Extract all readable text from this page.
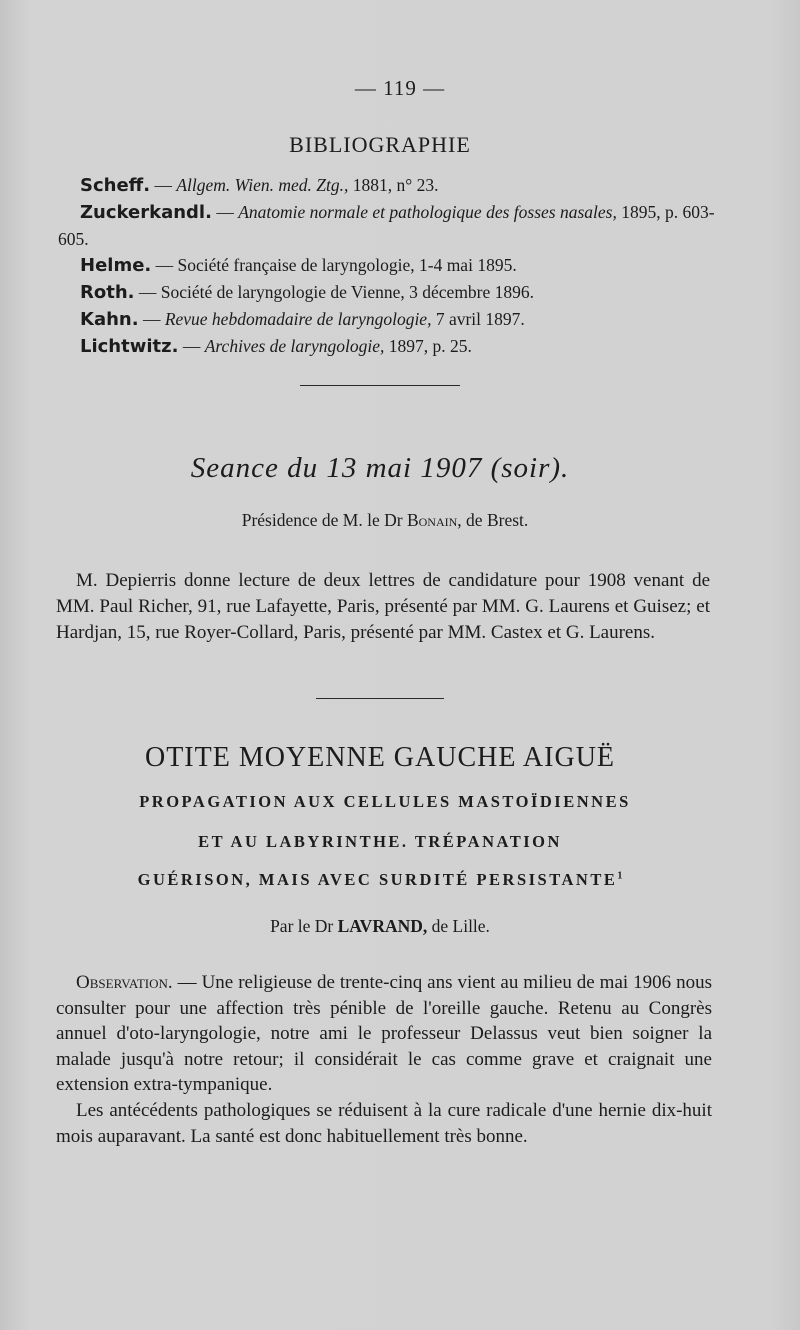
— 119 —
BIBLIOGRAPHIE

Scheff. — Allgem. Wien. med. Ztg., 1881, n° 23.

Zuckerkandl. — Anatomie normale et pathologique des fosses nasales, 1895, p. 603-605.

Helme. — Société française de laryngologie, 1-4 mai 1895.

Roth. — Société de laryngologie de Vienne, 3 décembre 1896.

Kahn. — Revue hebdomadaire de laryngologie, 7 avril 1897.

Lichtwitz. — Archives de laryngologie, 1897, p. 25.

Seance du 13 mai 1907 (soir).
Présidence de M. le Dr Bonain, de Brest.

M. Depierris donne lecture de deux lettres de candidature pour 1908 venant de MM. Paul Richer, 91, rue Lafayette, Paris, présenté par MM. G. Laurens et Guisez; et Hardjan, 15, rue Royer-Collard, Paris, présenté par MM. Castex et G. Laurens.

OTITE MOYENNE GAUCHE AIGUË
PROPAGATION AUX CELLULES MASTOÏDIENNES
ET AU LABYRINTHE. TRÉPANATION
GUÉRISON, MAIS AVEC SURDITÉ PERSISTANTE$^1$
Par le Dr LAVRAND, de Lille.

Observation. — Une religieuse de trente-cinq ans vient au milieu de mai 1906 nous consulter pour une affection très pénible de l'oreille gauche. Retenu au Congrès annuel d'oto-laryngologie, notre ami le professeur Delassus veut bien soigner la malade jusqu'à notre retour; il considérait le cas comme grave et craignait une extension extra-tympanique.

Les antécédents pathologiques se réduisent à la cure radicale d'une hernie dix-huit mois auparavant. La santé est donc habituellement très bonne.
